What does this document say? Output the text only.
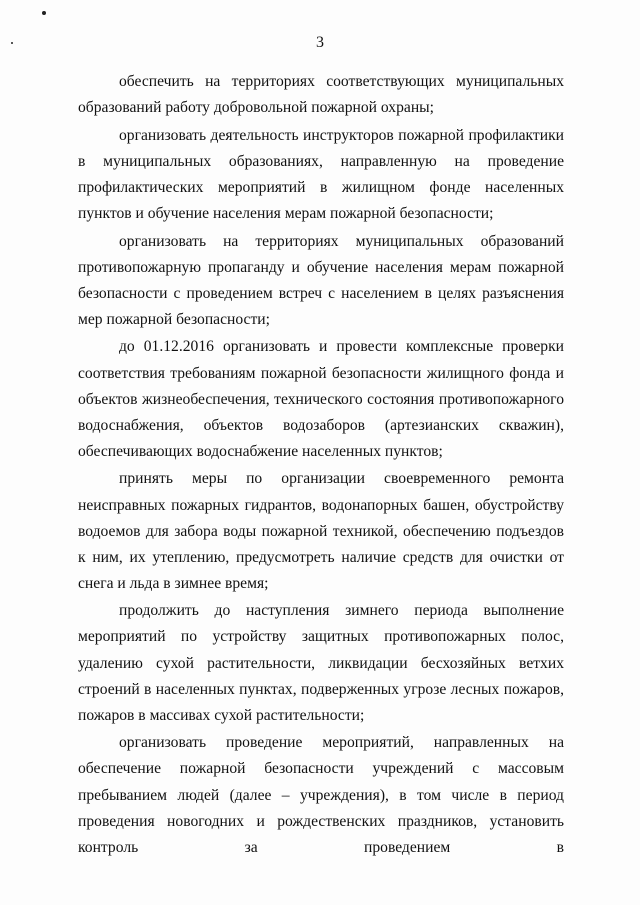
3

обеспечить на территориях соответствующих муниципальных образований работу добровольной пожарной охраны;

организовать деятельность инструкторов пожарной профилактики в муниципальных образованиях, направленную на проведение профилактических мероприятий в жилищном фонде населенных пунктов и обучение населения мерам пожарной безопасности;

организовать на территориях муниципальных образований противопожарную пропаганду и обучение населения мерам пожарной безопасности с проведением встреч с населением в целях разъяснения мер пожарной безопасности;

до 01.12.2016 организовать и провести комплексные проверки соответствия требованиям пожарной безопасности жилищного фонда и объектов жизнеобеспечения, технического состояния противопожарного водоснабжения, объектов водозаборов (артезианских скважин), обеспечивающих водоснабжение населенных пунктов;

принять меры по организации своевременного ремонта неисправных пожарных гидрантов, водонапорных башен, обустройству водоемов для забора воды пожарной техникой, обеспечению подъездов к ним, их утеплению, предусмотреть наличие средств для очистки от снега и льда в зимнее время;

продолжить до наступления зимнего периода выполнение мероприятий по устройству защитных противопожарных полос, удалению сухой растительности, ликвидации бесхозяйных ветхих строений в населенных пунктах, подверженных угрозе лесных пожаров, пожаров в массивах сухой растительности;

организовать проведение мероприятий, направленных на обеспечение пожарной безопасности учреждений с массовым пребыванием людей (далее – учреждения), в том числе в период проведения новогодних и рождественских праздников, установить контроль за проведением в
